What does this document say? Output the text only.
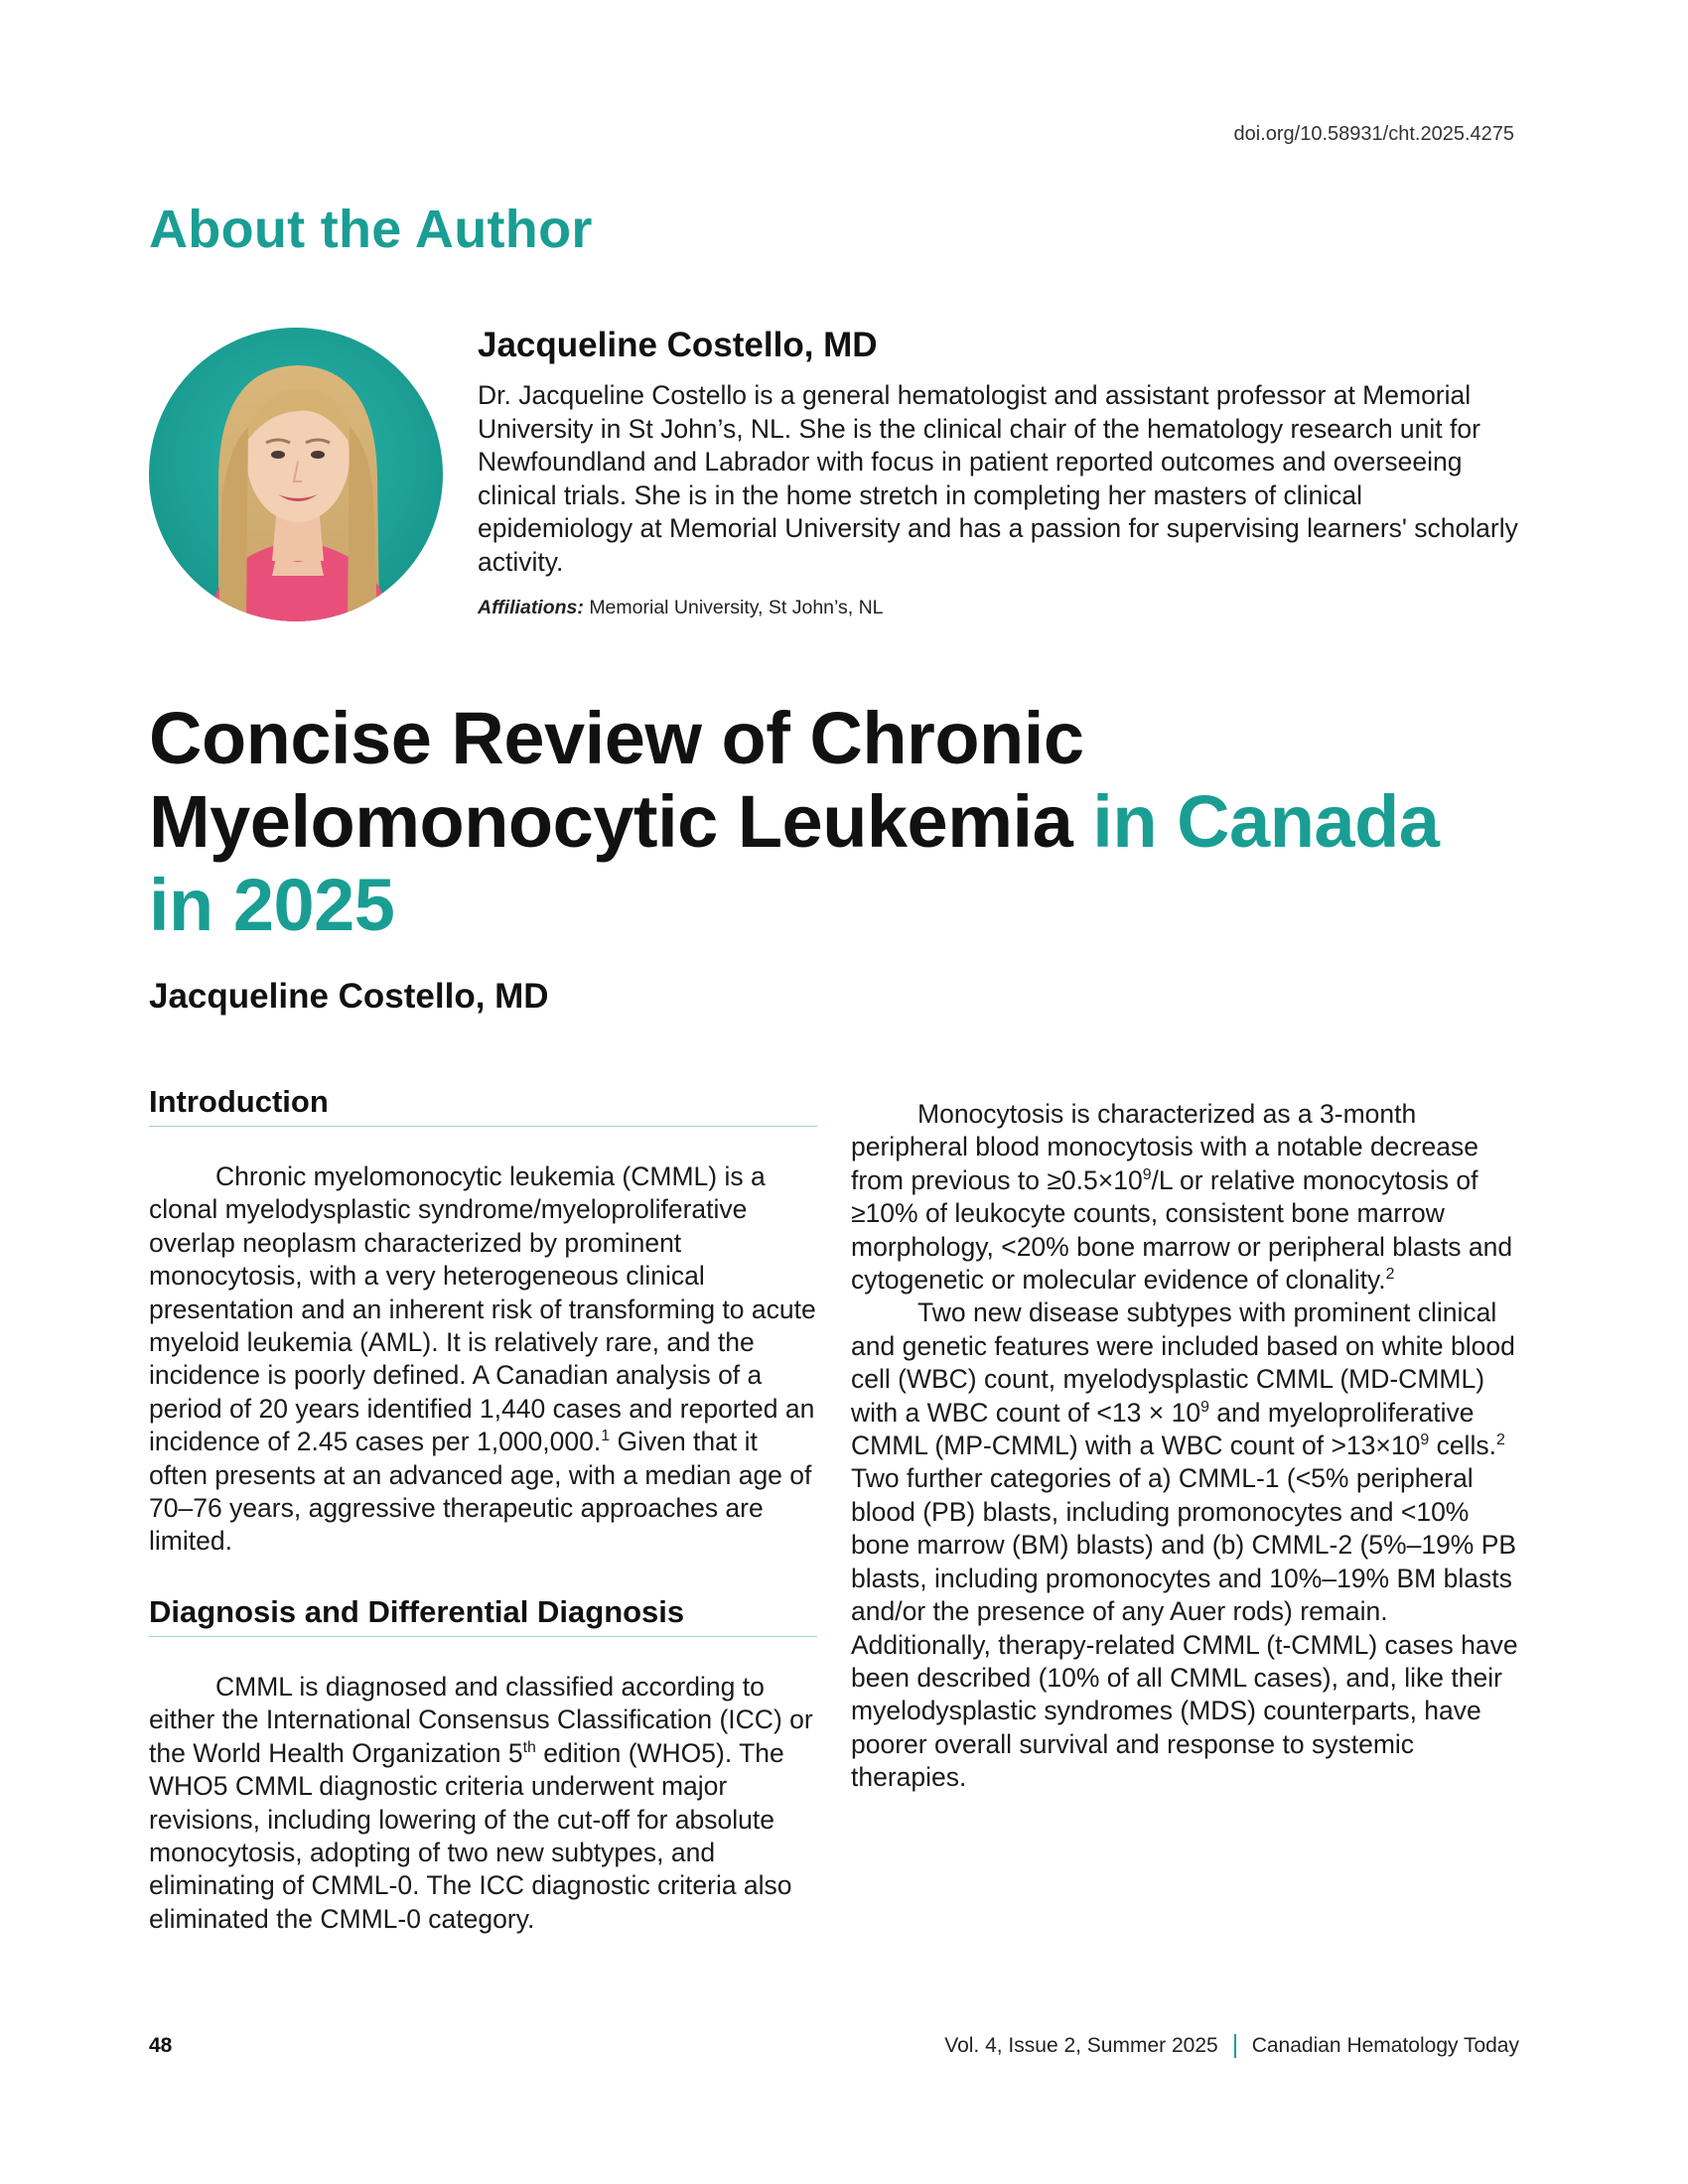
doi.org/10.58931/cht.2025.4275
About the Author
Jacqueline Costello, MD

Dr. Jacqueline Costello is a general hematologist and assistant professor at Memorial University in St John’s, NL. She is the clinical chair of the hematology research unit for Newfoundland and Labrador with focus in patient reported outcomes and overseeing clinical trials. She is in the home stretch in completing her masters of clinical epidemiology at Memorial University and has a passion for supervising learners' scholarly activity.

Affiliations: Memorial University, St John’s, NL
Concise Review of Chronic Myelomonocytic Leukemia in Canada in 2025
Jacqueline Costello, MD
Introduction

Chronic myelomonocytic leukemia (CMML) is a clonal myelodysplastic syndrome/myeloproliferative overlap neoplasm characterized by prominent monocytosis, with a very heterogeneous clinical presentation and an inherent risk of transforming to acute myeloid leukemia (AML). It is relatively rare, and the incidence is poorly defined. A Canadian analysis of a period of 20 years identified 1,440 cases and reported an incidence of 2.45 cases per 1,000,000.$^1$ Given that it often presents at an advanced age, with a median age of 70–76 years, aggressive therapeutic approaches are limited.

Diagnosis and Differential Diagnosis

CMML is diagnosed and classified according to either the International Consensus Classification (ICC) or the World Health Organization 5th edition (WHO5). The WHO5 CMML diagnostic criteria underwent major revisions, including lowering of the cut-off for absolute monocytosis, adopting of two new subtypes, and eliminating of CMML-0. The ICC diagnostic criteria also eliminated the CMML-0 category.

Monocytosis is characterized as a 3-month peripheral blood monocytosis with a notable decrease from previous to $\ge 0.5\times 10^9/L$ or relative monocytosis of ≥10% of leukocyte counts, consistent bone marrow morphology, <20% bone marrow or peripheral blasts and cytogenetic or molecular evidence of clonality.$^2$

Two new disease subtypes with prominent clinical and genetic features were included based on white blood cell (WBC) count, myelodysplastic CMML (MD-CMML) with a WBC count of $<13 \times 10^9$ and myeloproliferative CMML (MP-CMML) with a WBC count of $>13\times 10^9$ cells.$^2$ Two further categories of a) CMML-1 (<5% peripheral blood (PB) blasts, including promonocytes and <10% bone marrow (BM) blasts) and (b) CMML-2 (5%–19% PB blasts, including promonocytes and 10%–19% BM blasts and/or the presence of any Auer rods) remain. Additionally, therapy-related CMML (t-CMML) cases have been described (10% of all CMML cases), and, like their myelodysplastic syndromes (MDS) counterparts, have poorer overall survival and response to systemic therapies.

48	Vol. 4, Issue 2, Summer 2025 Canadian Hematology Today
